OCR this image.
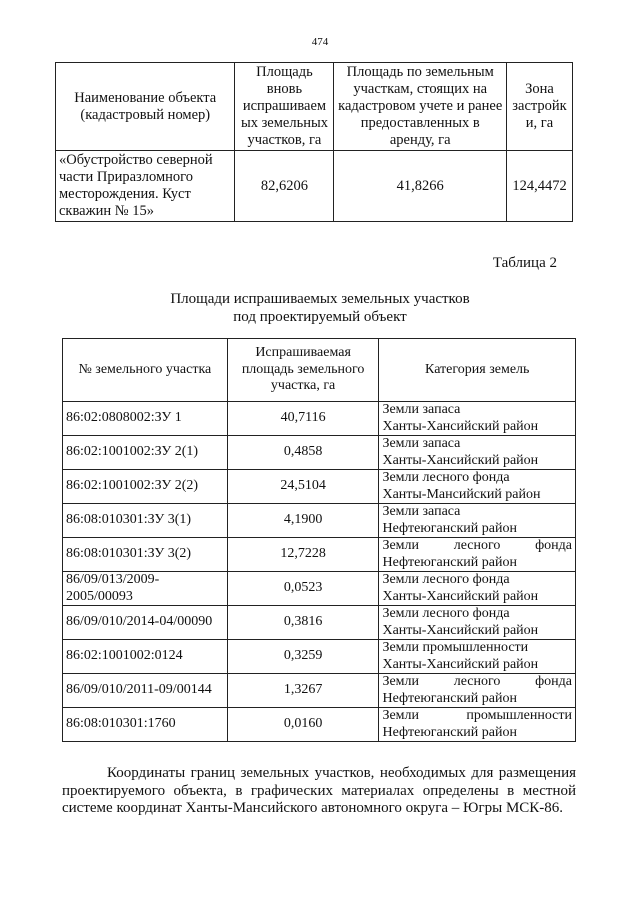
474
Наименование объекта (кадастровый номер)	Площадь вновь испрашиваем ых земельных участков, га	Площадь по земельным участкам, стоящих на кадастровом учете и ранее предоставленных в аренду, га	Зона застройк и, га
«Обустройство северной части Приразломного месторождения. Куст скважин № 15»	82,6206	41,8266	124,4472
Таблица 2
Площади испрашиваемых земельных участков
под проектируемый объект
№ земельного участка	Испрашиваемая площадь земельного участка, га	Категория земель
86:02:0808002:ЗУ 1	40,7116	Земли запаса
Ханты-Хансийский район

86:02:1001002:ЗУ 2(1)	0,4858	Земли запаса
Ханты-Хансийский район

86:02:1001002:ЗУ 2(2)	24,5104	Земли лесного фонда
Ханты-Мансийский район

86:08:010301:ЗУ 3(1)	4,1900	Земли запаса
Нефтеюганский район

86:08:010301:ЗУ 3(2)	12,7228	Земли лесного фонда
Нефтеюганский район

86/09/013/2009-2005/00093	0,0523	Земли лесного фонда
Ханты-Хансийский район

86/09/010/2014-04/00090	0,3816	Земли лесного фонда
Ханты-Хансийский район

86:02:1001002:0124	0,3259	Земли промышленности
Ханты-Хансийский район

86/09/010/2011-09/00144	1,3267	Земли лесного фонда
Нефтеюганский район

86:08:010301:1760	0,0160	Земли промышленности
Нефтеюганский район
Координаты границ земельных участков, необходимых для размещения проектируемого объекта, в графических материалах определены в местной системе координат Ханты-Мансийского автономного округа – Югры МСК-86.
